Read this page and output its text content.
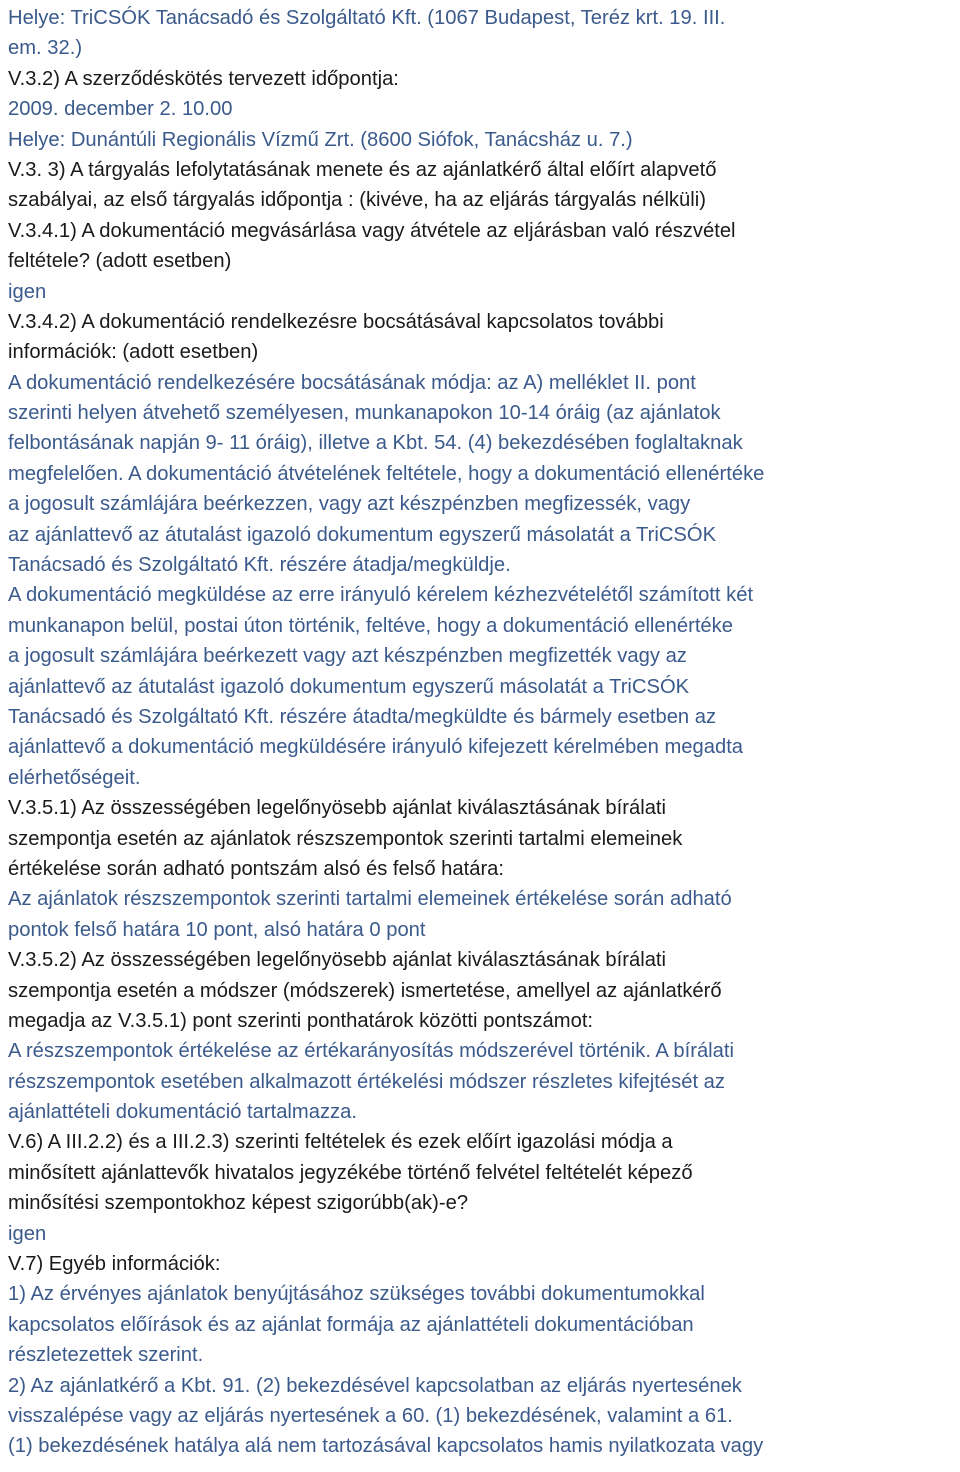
Helye: TriCSÓK Tanácsadó és Szolgáltató Kft. (1067 Budapest, Teréz krt. 19. III.
em. 32.)
V.3.2) A szerződéskötés tervezett időpontja:
2009. december 2. 10.00
Helye: Dunántúli Regionális Vízmű Zrt. (8600 Siófok, Tanácsház u. 7.)
V.3. 3) A tárgyalás lefolytatásának menete és az ajánlatkérő által előírt alapvető
szabályai, az első tárgyalás időpontja : (kivéve, ha az eljárás tárgyalás nélküli)
V.3.4.1) A dokumentáció megvásárlása vagy átvétele az eljárásban való részvétel
feltétele? (adott esetben)
igen
V.3.4.2) A dokumentáció rendelkezésre bocsátásával kapcsolatos további
információk: (adott esetben)
A dokumentáció rendelkezésére bocsátásának módja: az A) melléklet II. pont
szerinti helyen átvehető személyesen, munkanapokon 10-14 óráig (az ajánlatok
felbontásának napján 9- 11 óráig), illetve a Kbt. 54. (4) bekezdésében foglaltaknak
megfelelően. A dokumentáció átvételének feltétele, hogy a dokumentáció ellenértéke
a jogosult számlájára beérkezzen, vagy azt készpénzben megfizessék, vagy
az ajánlattevő az átutalást igazoló dokumentum egyszerű másolatát a TriCSÓK
Tanácsadó és Szolgáltató Kft. részére átadja/megküldje.
A dokumentáció megküldése az erre irányuló kérelem kézhezvételétől számított két
munkanapon belül, postai úton történik, feltéve, hogy a dokumentáció ellenértéke
a jogosult számlájára beérkezett vagy azt készpénzben megfizették vagy az
ajánlattevő az átutalást igazoló dokumentum egyszerű másolatát a TriCSÓK
Tanácsadó és Szolgáltató Kft. részére átadta/megküldte és bármely esetben az
ajánlattevő a dokumentáció megküldésére irányuló kifejezett kérelmében megadta
elérhetőségeit.
V.3.5.1) Az összességében legelőnyösebb ajánlat kiválasztásának bírálati
szempontja esetén az ajánlatok részszempontok szerinti tartalmi elemeinek
értékelése során adható pontszám alsó és felső határa:
Az ajánlatok részszempontok szerinti tartalmi elemeinek értékelése során adható
pontok felső határa 10 pont, alsó határa 0 pont
V.3.5.2) Az összességében legelőnyösebb ajánlat kiválasztásának bírálati
szempontja esetén a módszer (módszerek) ismertetése, amellyel az ajánlatkérő
megadja az V.3.5.1) pont szerinti ponthatárok közötti pontszámot:
A részszempontok értékelése az értékarányosítás módszerével történik. A bírálati
részszempontok esetében alkalmazott értékelési módszer részletes kifejtését az
ajánlattételi dokumentáció tartalmazza.
V.6) A III.2.2) és a III.2.3) szerinti feltételek és ezek előírt igazolási módja a
minősített ajánlattevők hivatalos jegyzékébe történő felvétel feltételét képező
minősítési szempontokhoz képest szigorúbb(ak)-e?
igen
V.7) Egyéb információk:
1) Az érvényes ajánlatok benyújtásához szükséges további dokumentumokkal
kapcsolatos előírások és az ajánlat formája az ajánlattételi dokumentációban
részletezettek szerint.
2) Az ajánlatkérő a Kbt. 91. (2) bekezdésével kapcsolatban az eljárás nyertesének
visszalépése vagy az eljárás nyertesének a 60. (1) bekezdésének, valamint a 61.
(1) bekezdésének hatálya alá nem tartozásával kapcsolatos hamis nyilatkozata vagy
